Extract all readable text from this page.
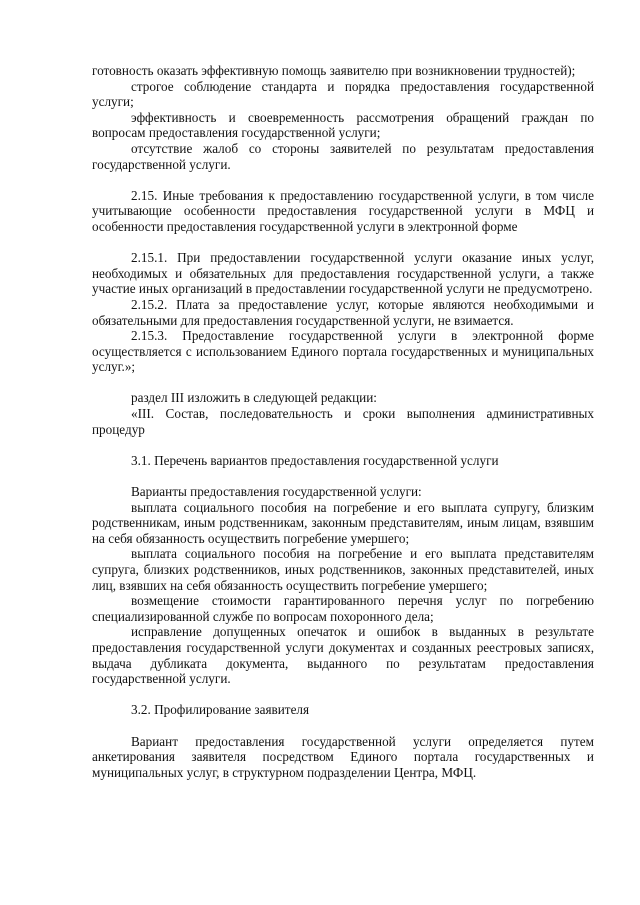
готовность оказать эффективную помощь заявителю при возникновении трудностей);

строгое соблюдение стандарта и порядка предоставления государственной услуги;

эффективность и своевременность рассмотрения обращений граждан по вопросам предоставления государственной услуги;

отсутствие жалоб со стороны заявителей по результатам предоставления государственной услуги.

2.15. Иные требования к предоставлению государственной услуги, в том числе учитывающие особенности предоставления государственной услуги в МФЦ и особенности предоставления государственной услуги в электронной форме

2.15.1. При предоставлении государственной услуги оказание иных услуг, необходимых и обязательных для предоставления государственной услуги, а также участие иных организаций в предоставлении государственной услуги не предусмотрено.

2.15.2. Плата за предоставление услуг, которые являются необходимыми и обязательными для предоставления государственной услуги, не взимается.

2.15.3. Предоставление государственной услуги в электронной форме осуществляется с использованием Единого портала государственных и муниципальных услуг.»;

раздел III изложить в следующей редакции:

«III. Состав, последовательность и сроки выполнения административных процедур

3.1. Перечень вариантов предоставления государственной услуги

Варианты предоставления государственной услуги:

выплата социального пособия на погребение и его выплата супругу, близким родственникам, иным родственникам, законным представителям, иным лицам, взявшим на себя обязанность осуществить погребение умершего;

выплата социального пособия на погребение и его выплата представителям супруга, близких родственников, иных родственников, законных представителей, иных лиц, взявших на себя обязанность осуществить погребение умершего;

возмещение стоимости гарантированного перечня услуг по погребению специализированной службе по вопросам похоронного дела;

исправление допущенных опечаток и ошибок в выданных в результате предоставления государственной услуги документах и созданных реестровых записях, выдача дубликата документа, выданного по результатам предоставления государственной услуги.

3.2. Профилирование заявителя

Вариант предоставления государственной услуги определяется путем анкетирования заявителя посредством Единого портала государственных и муниципальных услуг, в структурном подразделении Центра, МФЦ.
